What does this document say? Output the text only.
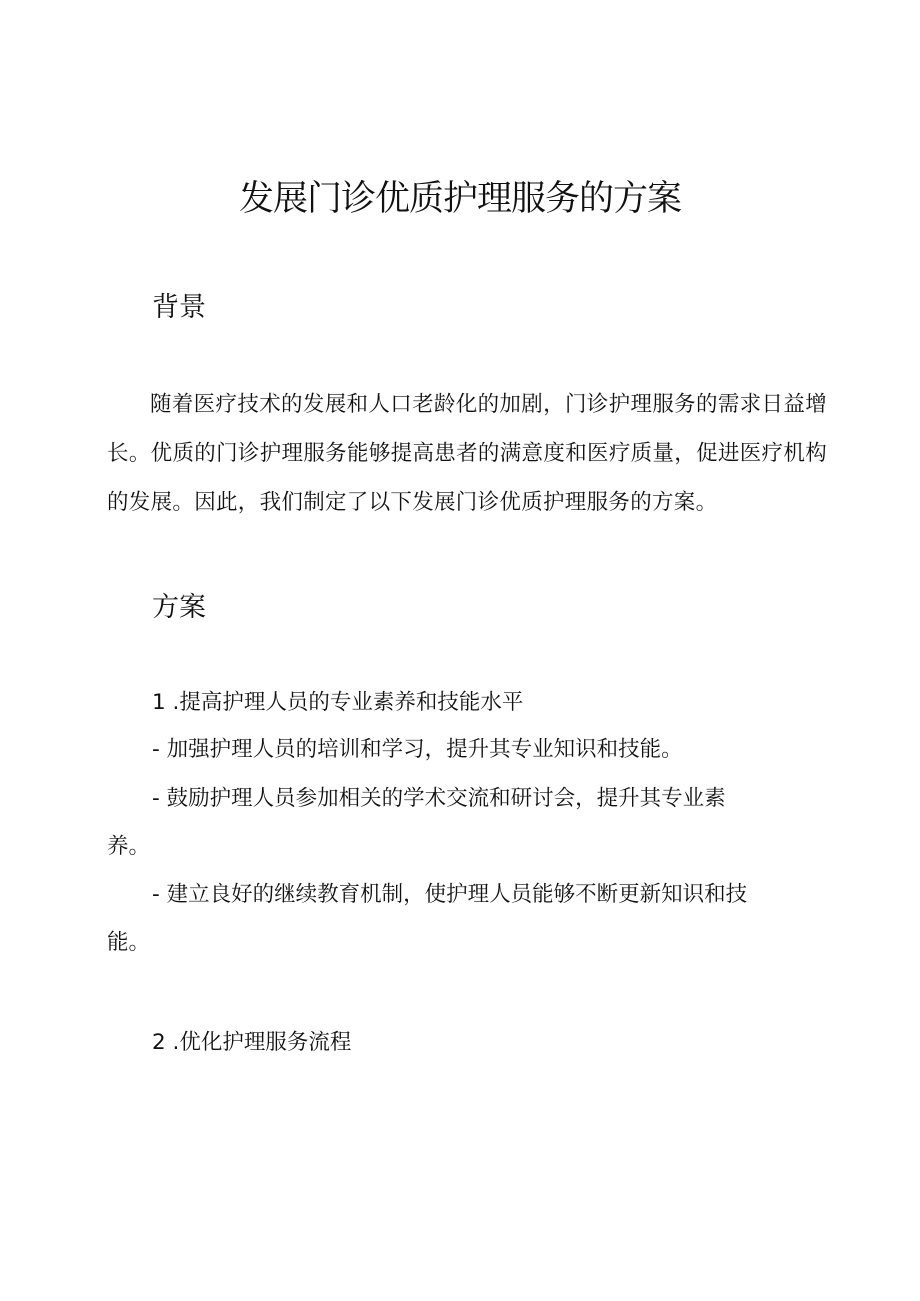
发展门诊优质护理服务的方案
背景

随着医疗技术的发展和人口老龄化的加剧，门诊护理服务的需求日益增长。优质的门诊护理服务能够提高患者的满意度和医疗质量，促进医疗机构的发展。因此，我们制定了以下发展门诊优质护理服务的方案。

方案

1 .提高护理人员的专业素养和技能水平

- 加强护理人员的培训和学习，提升其专业知识和技能。

- 鼓励护理人员参加相关的学术交流和研讨会，提升其专业素

养。

- 建立良好的继续教育机制，使护理人员能够不断更新知识和技

能。

2 .优化护理服务流程
